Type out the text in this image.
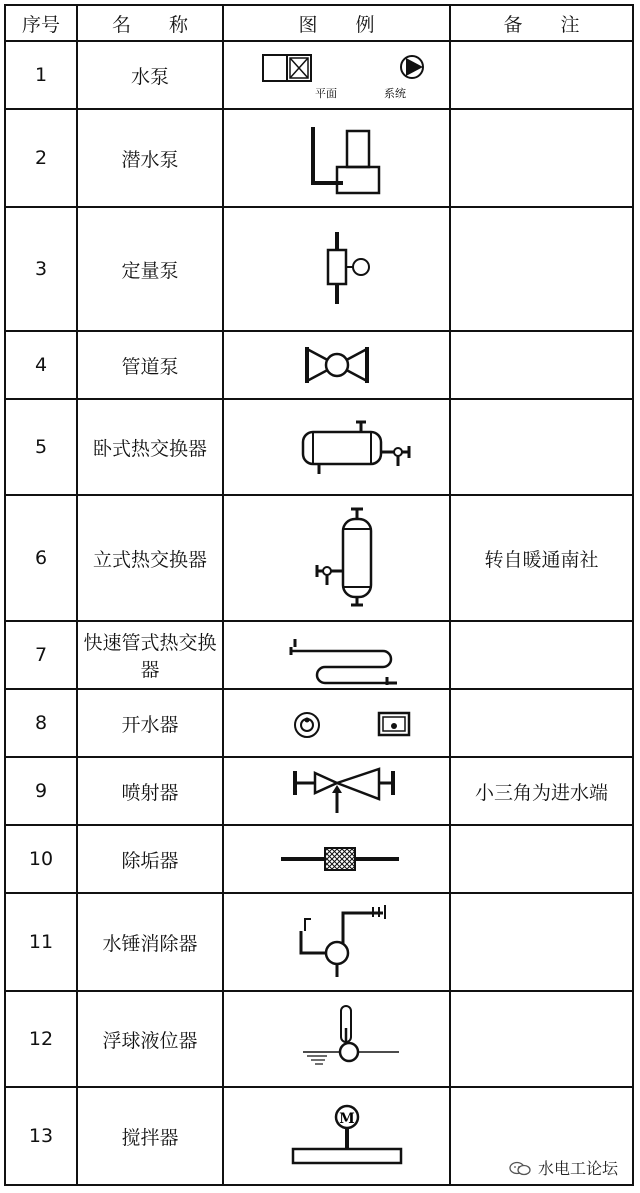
序号	名　　称	图　　例	备　　注
1	水泵	平面 系统	

2	潜水泵	

3	定量泵	

4	管道泵	

5	卧式热交换器	

6	立式热交换器		转自暖通南社
7	快速管式热交换器	

8	开水器	

9	喷射器		小三角为进水端
10	除垢器	

11	水锤消除器	

12	浮球液位器	

13	搅拌器	M	

水电工论坛
